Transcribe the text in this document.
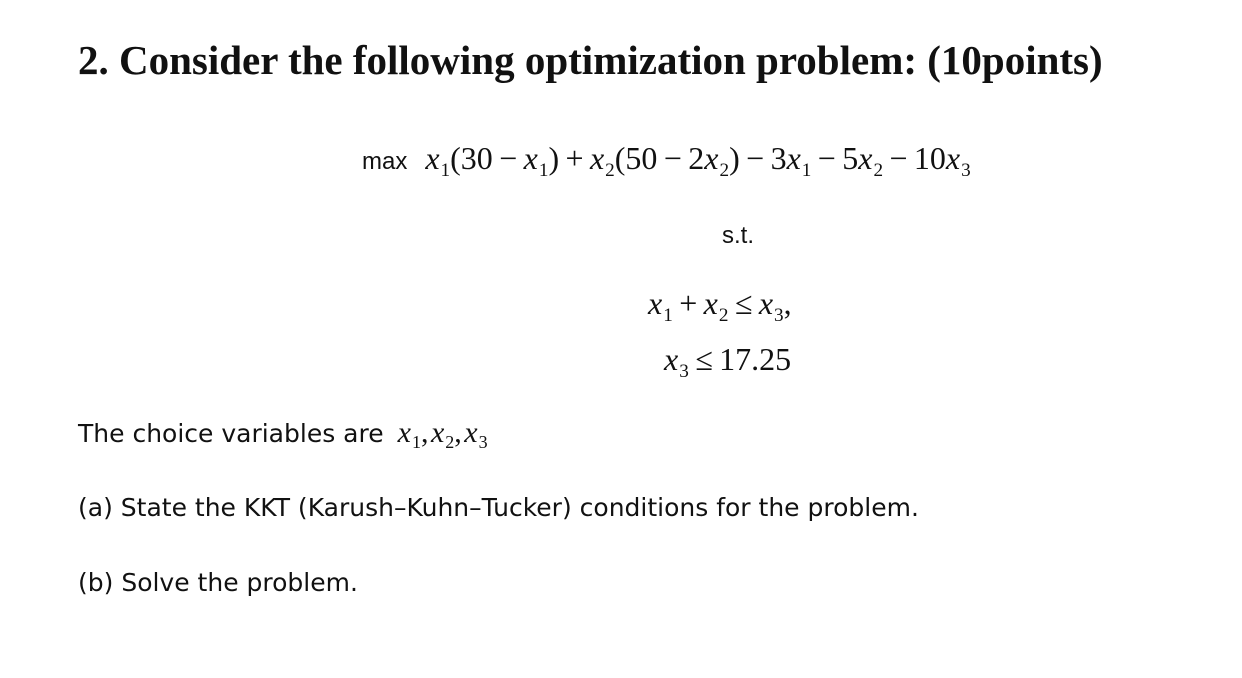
2. Consider the following optimization problem: (10points)
$\max x_1(30 - x_1) + x_2(50 - 2x_2) - 3x_1 - 5x_2 - 10x_3$
s.t.
$x_1 + x_2 \le x_3$,
$x_3 \le 17.25$
The choice variables are $x_1$, $x_2$, $x_3$
(a) State the KKT (Karush–Kuhn–Tucker) conditions for the problem.
(b) Solve the problem.
